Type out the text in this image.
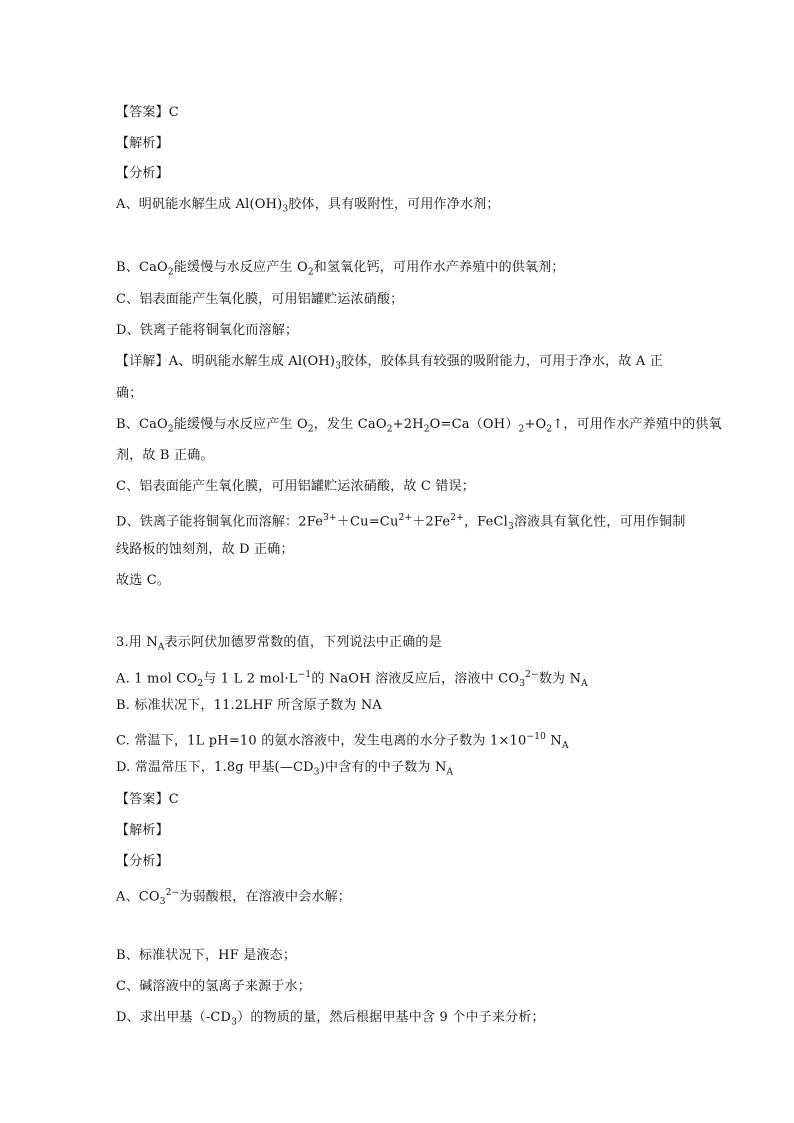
【答案】C
【解析】
【分析】
A、明矾能水解生成 $Al(OH)_3$胶体，具有吸附性，可用作净水剂；
B、CaO$_2$能缓慢与水反应产生 $O_2$和氢氧化钙，可用作水产养殖中的供氧剂；
C、铝表面能产生氧化膜，可用铝罐贮运浓硝酸；
D、铁离子能将铜氧化而溶解；
【详解】A、明矾能水解生成 $Al(OH)_3$胶体，胶体具有较强的吸附能力，可用于净水，故 A 正
确；
B、CaO$_2$能缓慢与水反应产生 $O_2$，发生 $CaO_2+2H_2O=Ca(OH)_2+O_2↑$，可用作水产养殖中的供氧
剂，故 B 正确。
C、铝表面能产生氧化膜，可用铝罐贮运浓硝酸，故 C 错误；
D、铁离子能将铜氧化而溶解：$2Fe^{3+}+Cu=Cu^{2+}+2Fe^{2+}$，FeCl$_3$溶液具有氧化性，可用作铜制
线路板的蚀刻剂，故 D 正确；
故选 C。
3.用 $N_A$表示阿伏加德罗常数的值，下列说法中正确的是
A. 1 mol $CO_2$与 1 L 2 $mol\cdot L^{-1}$的 NaOH 溶液反应后，溶液中 $CO_3^{2-}$数为 $N_A$
B. 标准状况下，11.2LHF 所含原子数为 NA
C. 常温下，1L pH=10 的氨水溶液中，发生电离的水分子数为 $1\times 10^{-10}$ $N_A$
D. 常温常压下，1.8g 甲基$(—CD_3)$中含有的中子数为 $N_A$
【答案】C
【解析】
【分析】
A、$CO_3^{2-}$为弱酸根，在溶液中会水解；
B、标准状况下，HF 是液态；
C、碱溶液中的氢离子来源于水；
D、求出甲基$(-CD_3)$的物质的量，然后根据甲基中含 9 个中子来分析；
